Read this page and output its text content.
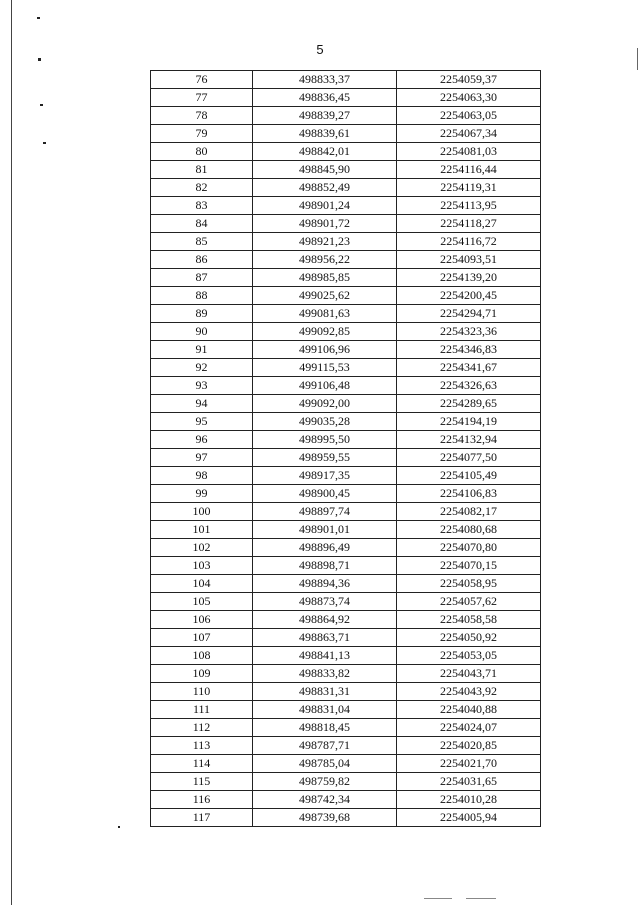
5
76	498833,37	2254059,37
77	498836,45	2254063,30
78	498839,27	2254063,05
79	498839,61	2254067,34
80	498842,01	2254081,03
81	498845,90	2254116,44
82	498852,49	2254119,31
83	498901,24	2254113,95
84	498901,72	2254118,27
85	498921,23	2254116,72
86	498956,22	2254093,51
87	498985,85	2254139,20
88	499025,62	2254200,45
89	499081,63	2254294,71
90	499092,85	2254323,36
91	499106,96	2254346,83
92	499115,53	2254341,67
93	499106,48	2254326,63
94	499092,00	2254289,65
95	499035,28	2254194,19
96	498995,50	2254132,94
97	498959,55	2254077,50
98	498917,35	2254105,49
99	498900,45	2254106,83
100	498897,74	2254082,17
101	498901,01	2254080,68
102	498896,49	2254070,80
103	498898,71	2254070,15
104	498894,36	2254058,95
105	498873,74	2254057,62
106	498864,92	2254058,58
107	498863,71	2254050,92
108	498841,13	2254053,05
109	498833,82	2254043,71
110	498831,31	2254043,92
111	498831,04	2254040,88
112	498818,45	2254024,07
113	498787,71	2254020,85
114	498785,04	2254021,70
115	498759,82	2254031,65
116	498742,34	2254010,28
117	498739,68	2254005,94
